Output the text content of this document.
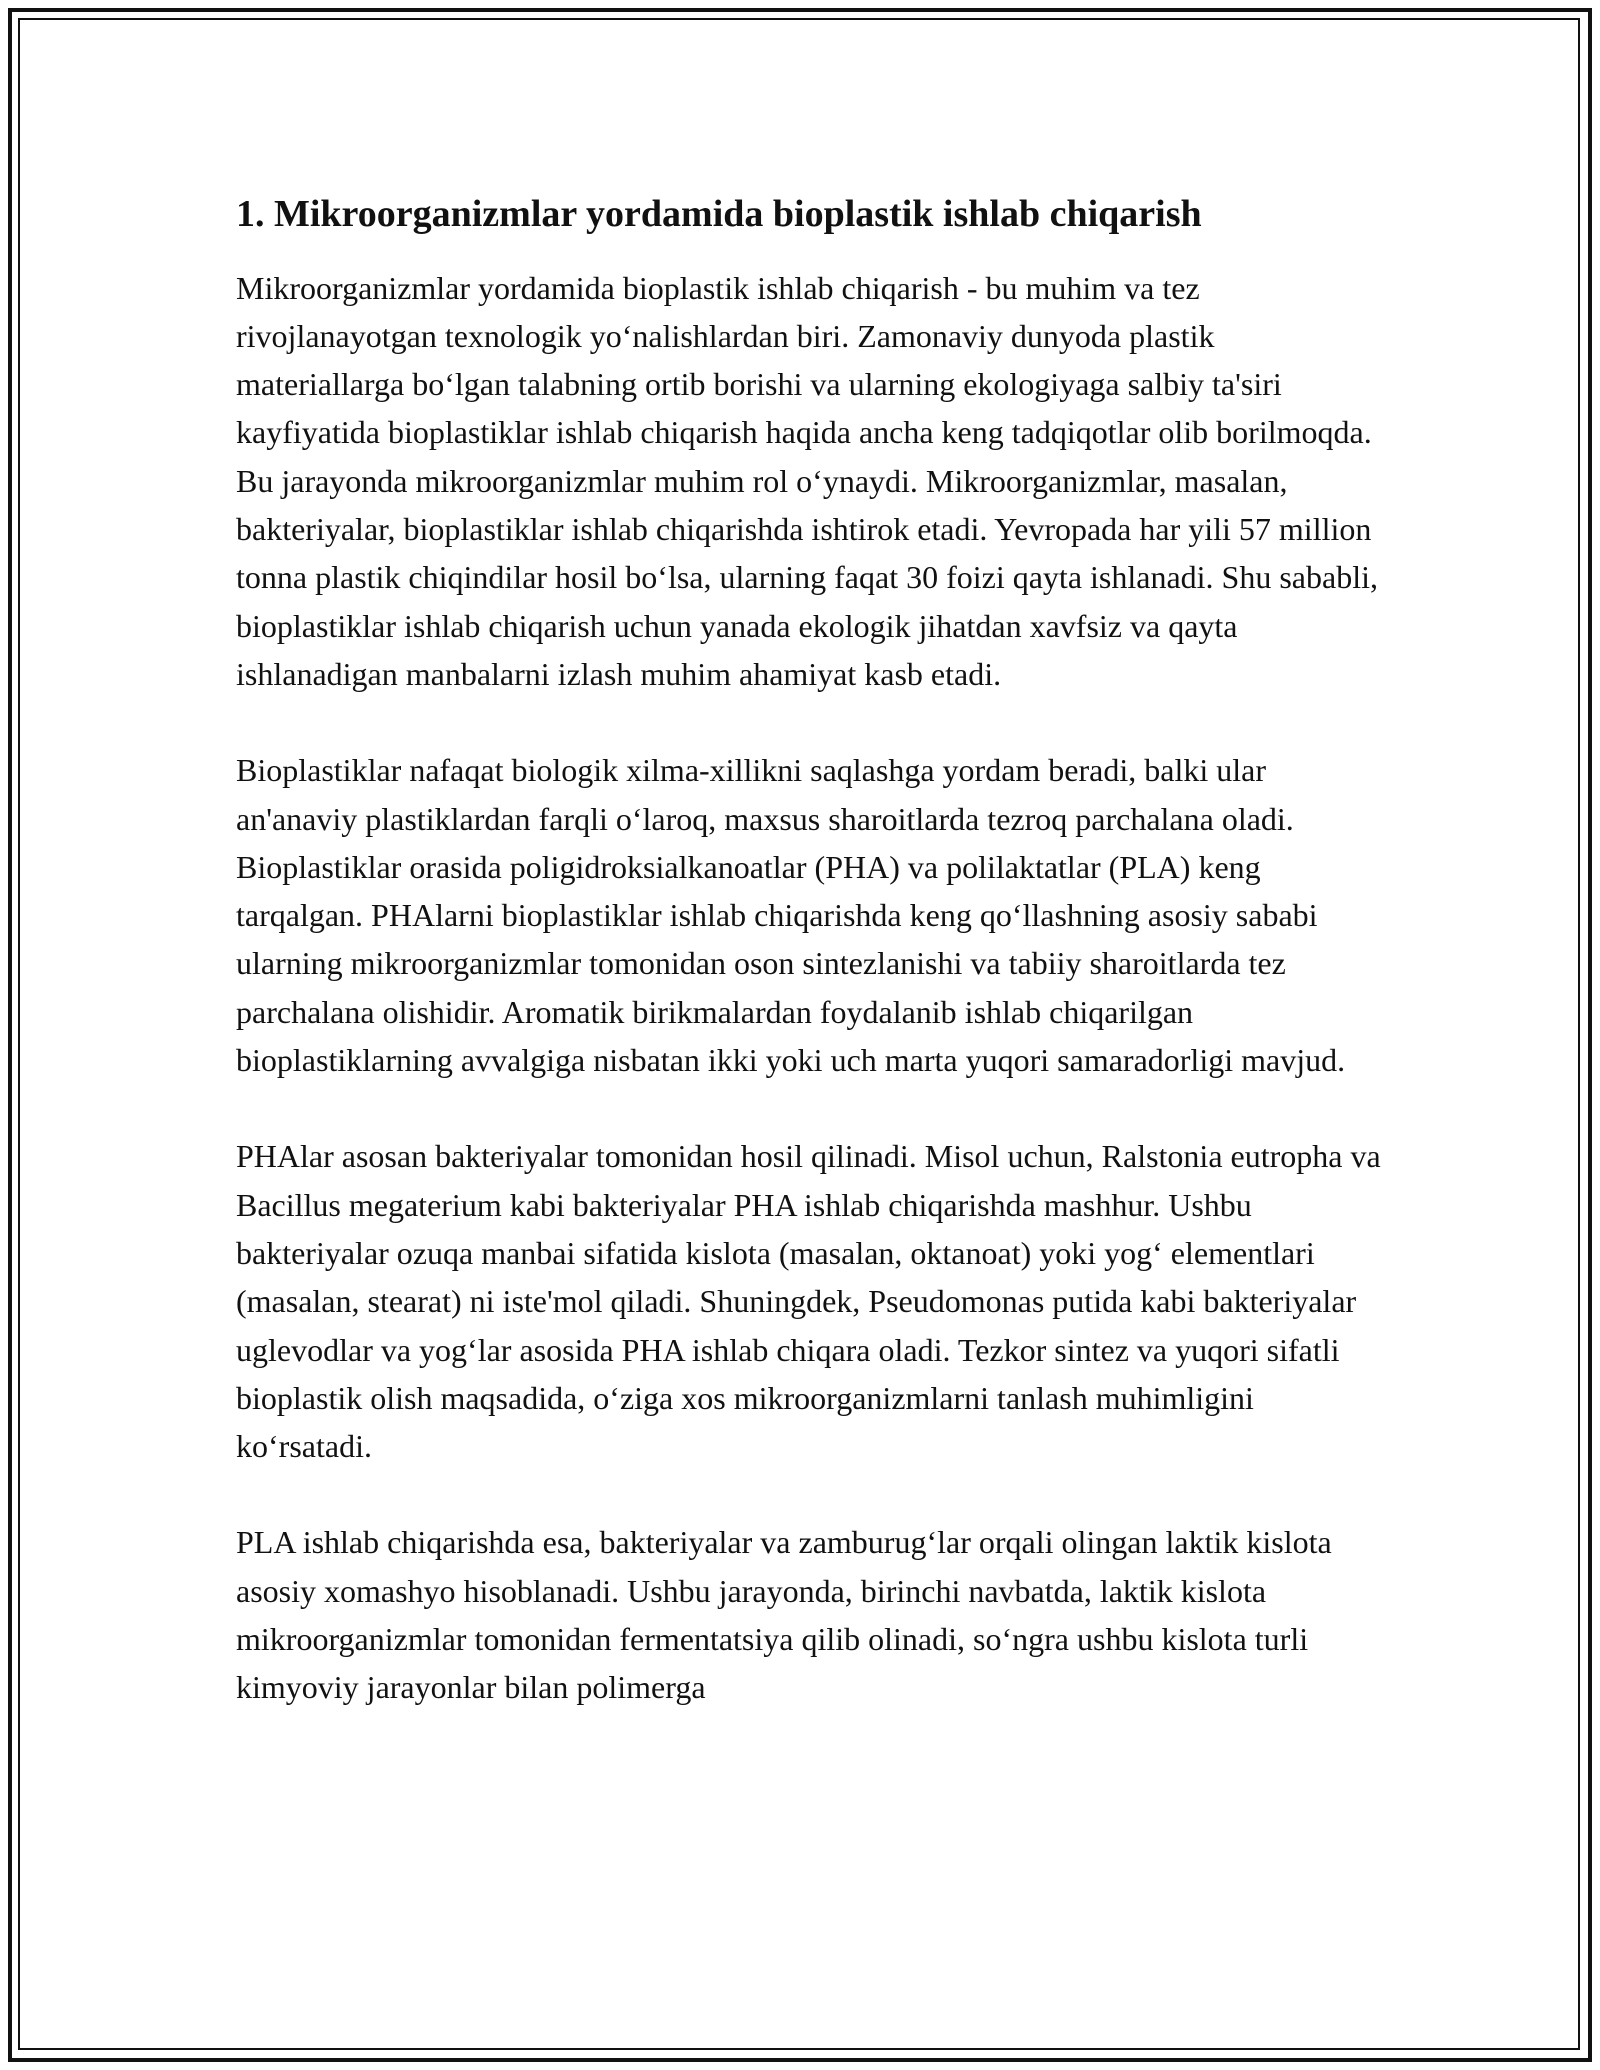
1. Mikroorganizmlar yordamida bioplastik ishlab chiqarish

Mikroorganizmlar yordamida bioplastik ishlab chiqarish - bu muhim va tez rivojlanayotgan texnologik yo‘nalishlardan biri. Zamonaviy dunyoda plastik materiallarga bo‘lgan talabning ortib borishi va ularning ekologiyaga salbiy ta'siri kayfiyatida bioplastiklar ishlab chiqarish haqida ancha keng tadqiqotlar olib borilmoqda. Bu jarayonda mikroorganizmlar muhim rol o‘ynaydi. Mikroorganizmlar, masalan, bakteriyalar, bioplastiklar ishlab chiqarishda ishtirok etadi. Yevropada har yili 57 million tonna plastik chiqindilar hosil bo‘lsa, ularning faqat 30 foizi qayta ishlanadi. Shu sababli, bioplastiklar ishlab chiqarish uchun yanada ekologik jihatdan xavfsiz va qayta ishlanadigan manbalarni izlash muhim ahamiyat kasb etadi.

Bioplastiklar nafaqat biologik xilma-xillikni saqlashga yordam beradi, balki ular an'anaviy plastiklardan farqli o‘laroq, maxsus sharoitlarda tezroq parchalana oladi. Bioplastiklar orasida poligidroksialkanoatlar (PHA) va polilaktatlar (PLA) keng tarqalgan. PHAlarni bioplastiklar ishlab chiqarishda keng qo‘llashning asosiy sababi ularning mikroorganizmlar tomonidan oson sintezlanishi va tabiiy sharoitlarda tez parchalana olishidir. Aromatik birikmalardan foydalanib ishlab chiqarilgan bioplastiklarning avvalgiga nisbatan ikki yoki uch marta yuqori samaradorligi mavjud.

PHAlar asosan bakteriyalar tomonidan hosil qilinadi. Misol uchun, Ralstonia eutropha va Bacillus megaterium kabi bakteriyalar PHA ishlab chiqarishda mashhur. Ushbu bakteriyalar ozuqa manbai sifatida kislota (masalan, oktanoat) yoki yog‘ elementlari (masalan, stearat) ni iste'mol qiladi. Shuningdek, Pseudomonas putida kabi bakteriyalar uglevodlar va yog‘lar asosida PHA ishlab chiqara oladi. Tezkor sintez va yuqori sifatli bioplastik olish maqsadida, o‘ziga xos mikroorganizmlarni tanlash muhimligini ko‘rsatadi.

PLA ishlab chiqarishda esa, bakteriyalar va zamburug‘lar orqali olingan laktik kislota asosiy xomashyo hisoblanadi. Ushbu jarayonda, birinchi navbatda, laktik kislota mikroorganizmlar tomonidan fermentatsiya qilib olinadi, so‘ngra ushbu kislota turli kimyoviy jarayonlar bilan polimerga
